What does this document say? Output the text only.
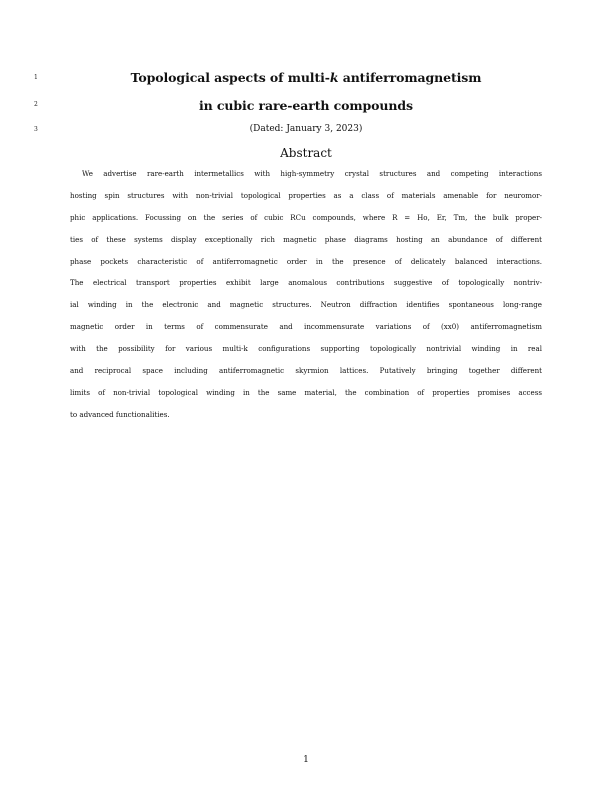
1
2
3
Topological aspects of multi-k antiferromagnetism
in cubic rare-earth compounds
(Dated: January 3, 2023)
Abstract
We advertise rare-earth intermetallics with high-symmetry crystal structures and competing interactions
hosting spin structures with non-trivial topological properties as a class of materials amenable for neuromor-
phic applications. Focussing on the series of cubic RCu compounds, where R = Ho, Er, Tm, the bulk proper-
ties of these systems display exceptionally rich magnetic phase diagrams hosting an abundance of different
phase pockets characteristic of antiferromagnetic order in the presence of delicately balanced interactions.
The electrical transport properties exhibit large anomalous contributions suggestive of topologically nontriv-
ial winding in the electronic and magnetic structures. Neutron diffraction identifies spontaneous long-range
magnetic order in terms of commensurate and incommensurate variations of (xx0) antiferromagnetism
with the possibility for various multi-k configurations supporting topologically nontrivial winding in real
and reciprocal space including antiferromagnetic skyrmion lattices. Putatively bringing together different
limits of non-trivial topological winding in the same material, the combination of properties promises access
to advanced functionalities.
1
